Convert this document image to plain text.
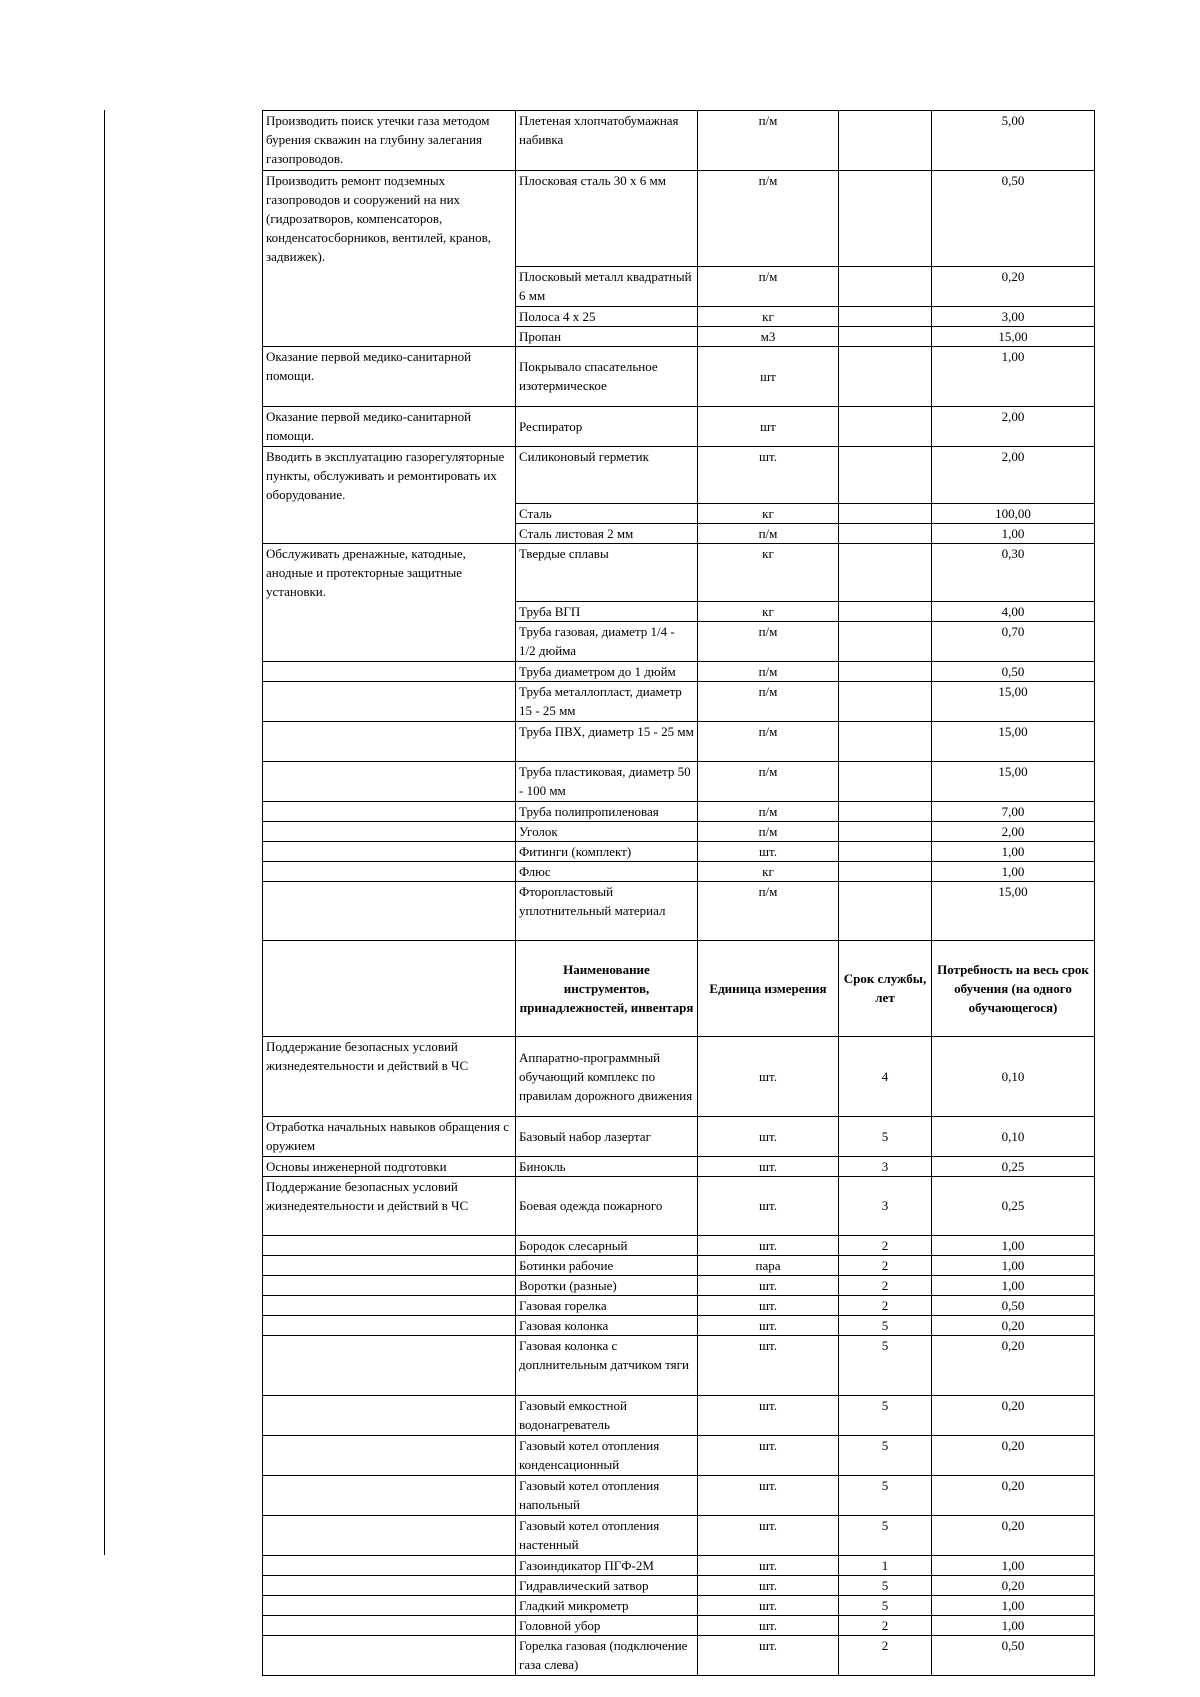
Производить поиск утечки газа методом бурения скважин на глубину залегания газопроводов.	Плетеная хлопчатобумажная набивка	п/м		5,00
Производить ремонт подземных газопроводов и сооружений на них (гидрозатворов, компенсаторов, конденсатосборников, вентилей, кранов, задвижек).	Плосковая сталь 30 х 6 мм	п/м		0,50
	Плосковый металл квадратный 6 мм	п/м		0,20
	Полоса 4 х 25	кг		3,00
	Пропан	м3		15,00
Оказание первой медико-санитарной помощи.	Покрывало спасательное изотермическое	шт		1,00
Оказание первой медико-санитарной помощи.	Респиратор	шт		2,00
Вводить в эксплуатацию газорегуляторные пункты, обслуживать и ремонтировать их оборудование.	Силиконовый герметик	шт.		2,00
	Сталь	кг		100,00
	Сталь листовая 2 мм	п/м		1,00
Обслуживать дренажные, катодные, анодные и протекторные защитные установки.	Твердые сплавы	кг		0,30
	Труба ВГП	кг		4,00
	Труба газовая, диаметр 1/4 - 1/2 дюйма	п/м		0,70
	Труба диаметром до 1 дюйм	п/м		0,50
	Труба металлопласт, диаметр 15 - 25 мм	п/м		15,00
	Труба ПВХ, диаметр 15 - 25 мм	п/м		15,00
	Труба пластиковая, диаметр 50 - 100 мм	п/м		15,00
	Труба полипропиленовая	п/м		7,00
	Уголок	п/м		2,00
	Фитинги (комплект)	шт.		1,00
	Флюс	кг		1,00
	Фторопластовый уплотнительный материал	п/м		15,00
	Наименование инструментов, принадлежностей, инвентаря	Единица измерения	Срок службы, лет	Потребность на весь срок обучения (на одного обучающегося)
Поддержание безопасных условий жизнедеятельности и действий в ЧС	Аппаратно-программный обучающий комплекс по правилам дорожного движения	шт.	4	0,10
Отработка начальных навыков обращения с оружием	Базовый набор лазертаг	шт.	5	0,10
Основы инженерной подготовки	Бинокль	шт.	3	0,25
Поддержание безопасных условий жизнедеятельности и действий в ЧС	Боевая одежда пожарного	шт.	3	0,25
	Бородок слесарный	шт.	2	1,00
	Ботинки рабочие	пара	2	1,00
	Воротки (разные)	шт.	2	1,00
	Газовая горелка	шт.	2	0,50
	Газовая колонка	шт.	5	0,20
	Газовая колонка с доплнительным датчиком тяги	шт.	5	0,20
	Газовый емкостной водонагреватель	шт.	5	0,20
	Газовый котел отопления конденсационный	шт.	5	0,20
	Газовый котел отопления напольный	шт.	5	0,20
	Газовый котел отопления настенный	шт.	5	0,20
	Газоиндикатор ПГФ-2М	шт.	1	1,00
	Гидравлический затвор	шт.	5	0,20
	Гладкий микрометр	шт.	5	1,00
	Головной убор	шт.	2	1,00
	Горелка газовая (подключение газа слева)	шт.	2	0,50
